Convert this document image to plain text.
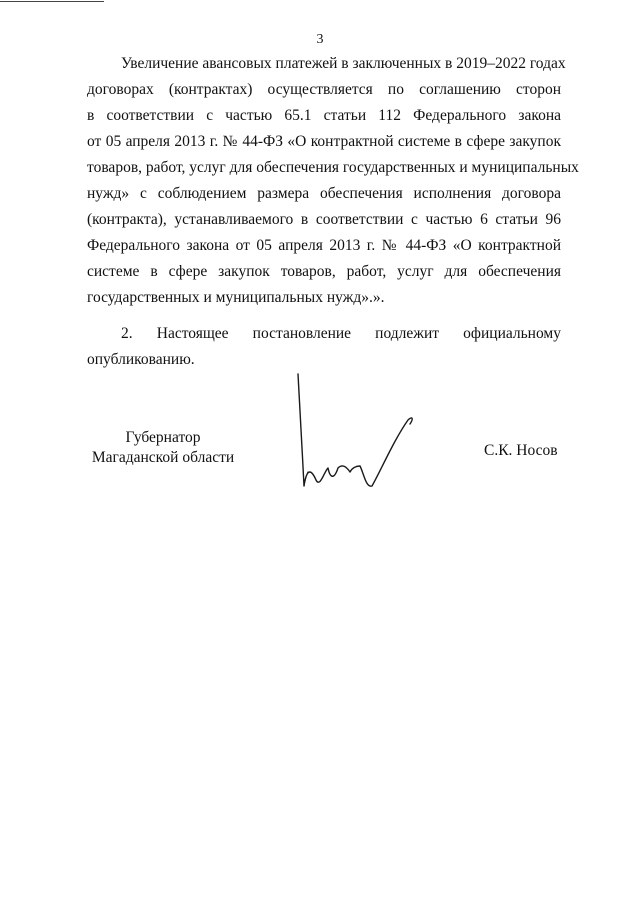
3
Увеличение авансовых платежей в заключенных в 2019–2022 годах
договорах (контрактах) осуществляется по соглашению сторон
в соответствии с частью 65.1 статьи 112 Федерального закона
от 05 апреля 2013 г. № 44-ФЗ «О контрактной системе в сфере закупок
товаров, работ, услуг для обеспечения государственных и муниципальных
нужд» с соблюдением размера обеспечения исполнения договора
(контракта), устанавливаемого в соответствии с частью 6 статьи 96
Федерального закона от 05 апреля 2013 г. № 44-ФЗ «О контрактной
системе в сфере закупок товаров, работ, услуг для обеспечения
государственных и муниципальных нужд».».
2. Настоящее постановление подлежит официальному
опубликованию.
Губернатор
Магаданской области	С.К. Носов
